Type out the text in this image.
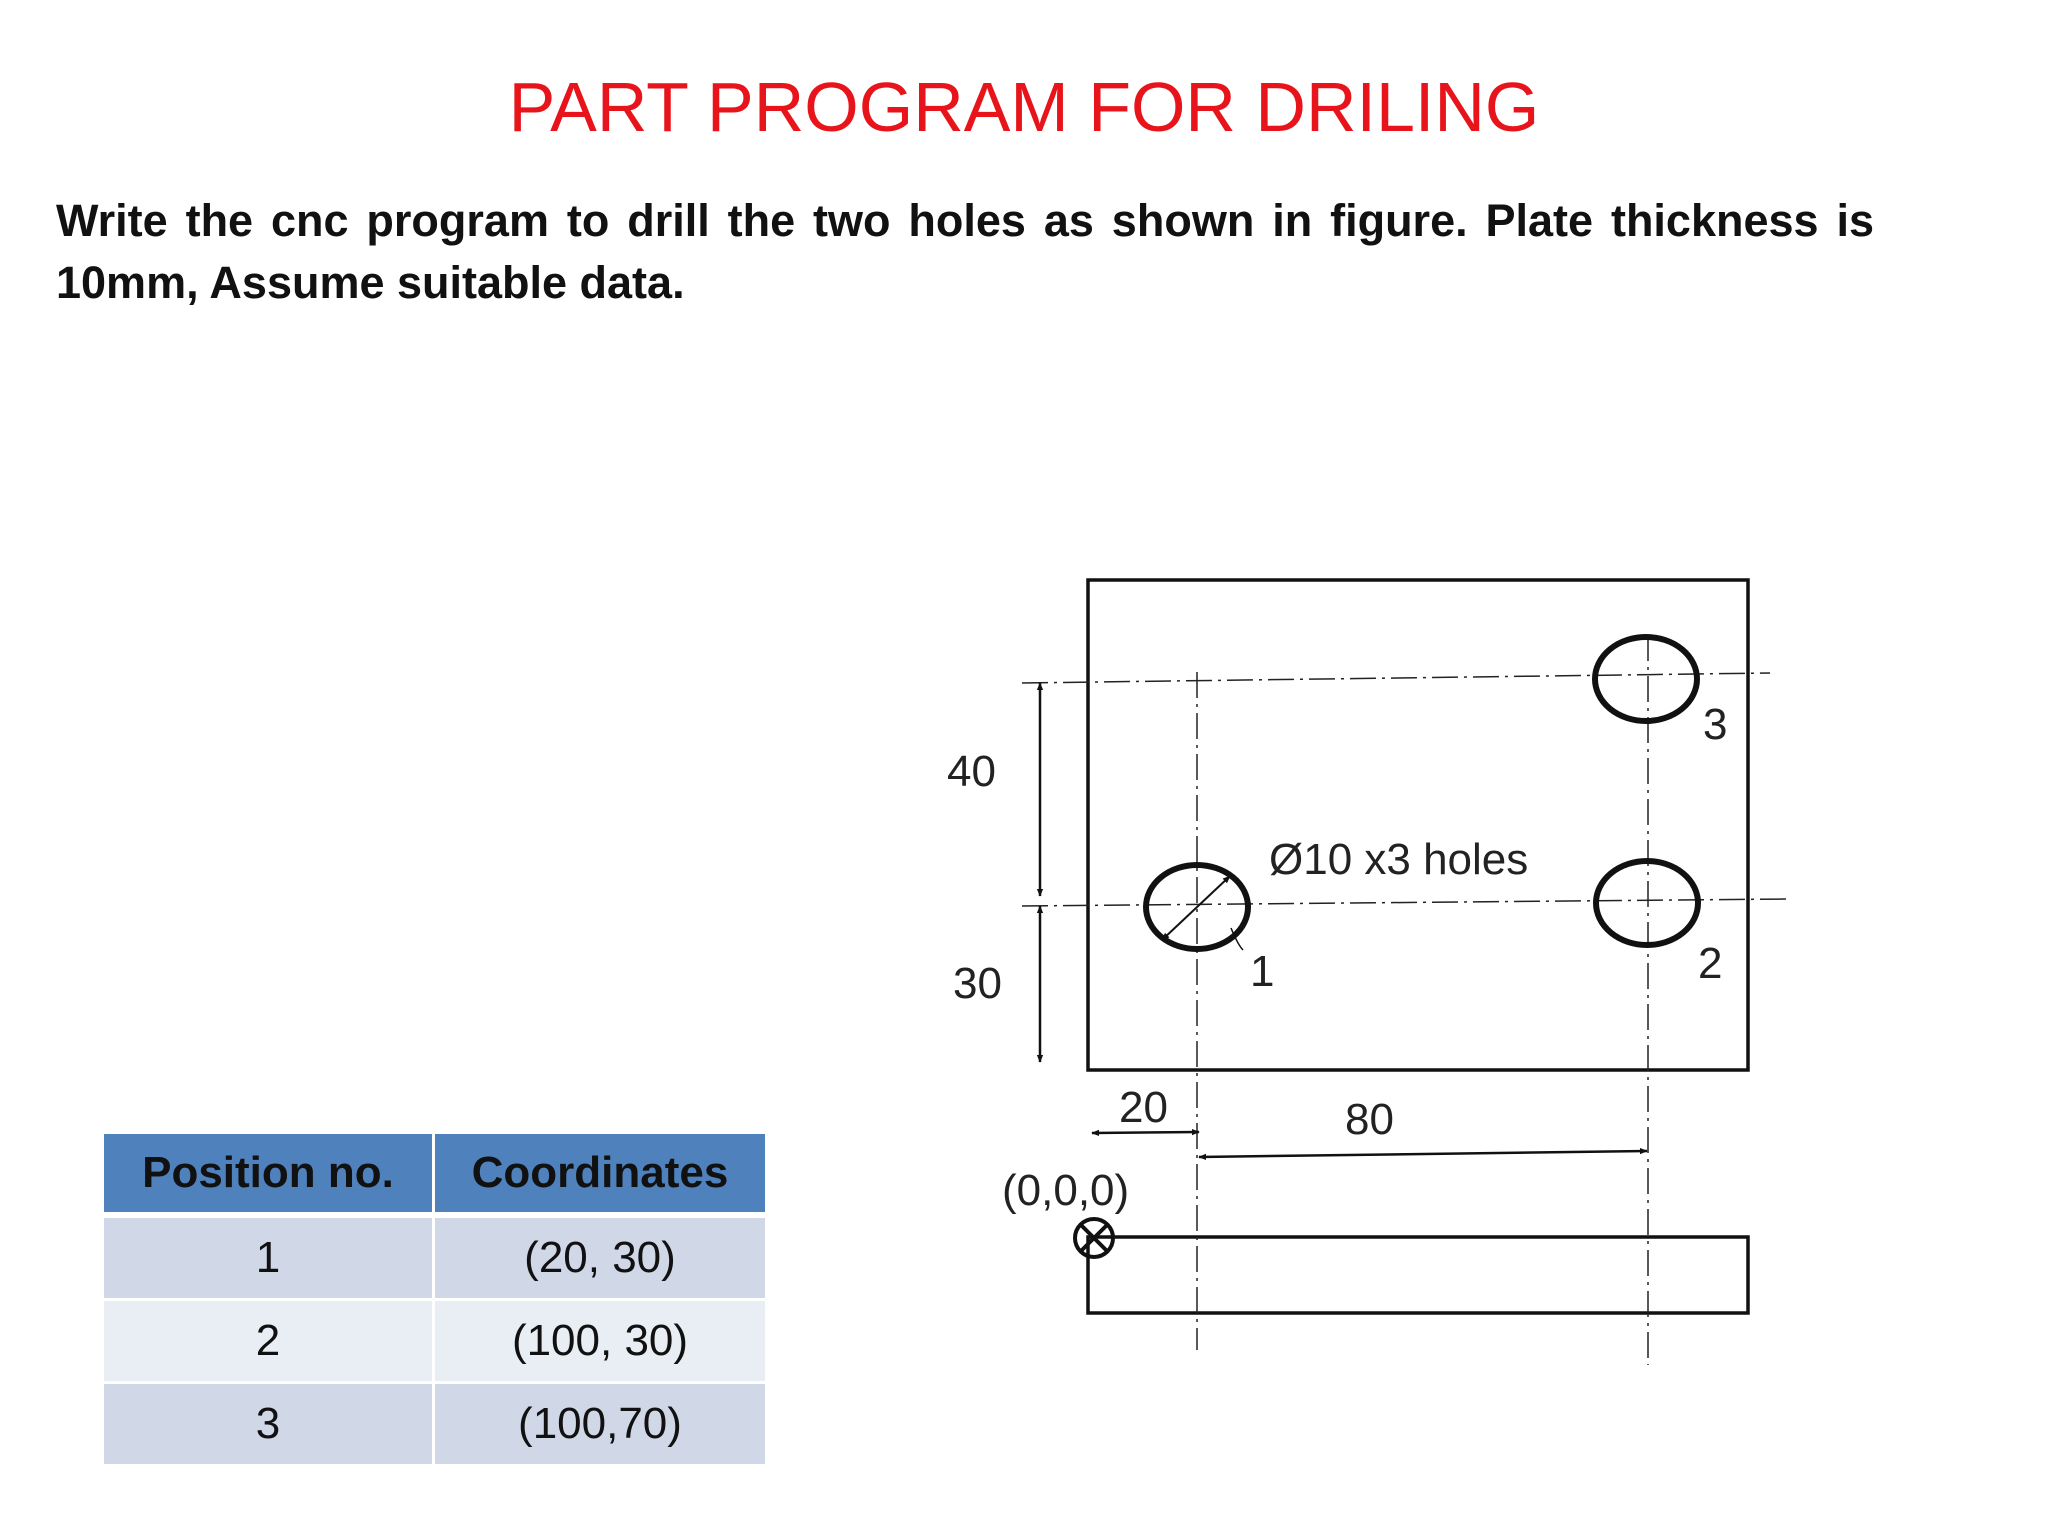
PART PROGRAM FOR DRILING
Write the cnc program to drill the two holes as shown in figure. Plate thickness is 10mm, Assume suitable data.
Position no.	Coordinates
1	(20, 30)
2	(100, 30)
3	(100,70)
40
30
20	80
Ø10 x3 holes
1	2
3
(0,0,0)
